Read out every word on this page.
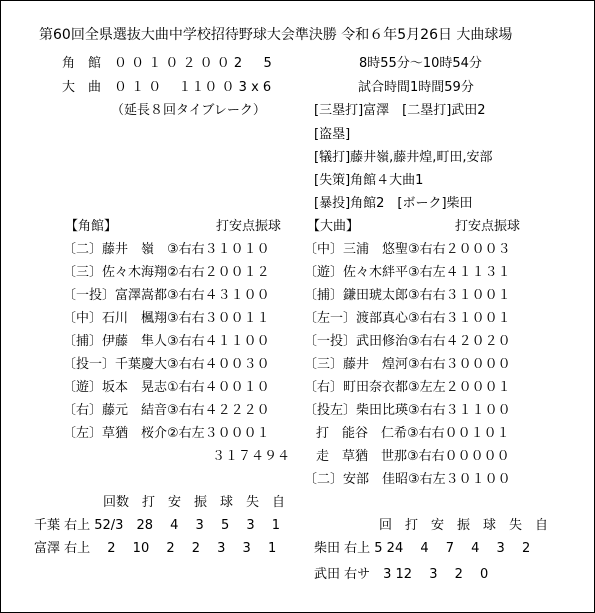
第60回全県選抜大曲中学校招待野球大会準決勝 令和６年5月26日 大曲球場
角　館　０ ０ １ ０ ２ ０ ０ 2 　 5
大　曲　０ １ ０ 　１１０ ０ 3 x 6
（延長８回タイブレーク）
8時55分〜10時54分
試合時間1時間59分
[三塁打]富澤　[二塁打]武田2
[盗塁]
[犠打]藤井嶺,藤井煌,町田,安部
[失策]角館４大曲1
[暴投]角館2　[ボーク]柴田
【角館】	打安点振球
〔二〕藤井　嶺　③右右３１０１０
〔三〕佐々木海翔②右右２００１２
〔一投〕富澤嵩都③右右４３１００
〔中〕石川　楓翔③右右３００１１
〔捕〕伊藤　隼人③右右４１１００
〔投一〕千葉慶大③右右４００３０
〔遊〕坂本　晃志①右右４００１０
〔右〕藤元　結音③右右４２２２０
〔左〕草猶　桜介②右左３０００１
３１７４９４
【大曲】	打安点振球
〔中〕三浦　悠聖③右右２０００３
〔遊〕佐々木絆平③右左４１１３１
〔捕〕鎌田琥太郎③右右３１００１
〔左一〕渡部真心③右右３１００１
〔一投〕武田修治③右右４２０２０
〔三〕藤井　煌河③右右３００００
〔右〕町田奈衣都③左左２０００１
〔投左〕柴田比瑛③右右３１１００
打　能谷　仁希③右右００１０１
走　草猶　世那③右右０００００
〔二〕安部　佳昭③右左３０１００
回数　打　安　振　球　失　自
千葉 右上 52/3　28　 4　 3　 5　 3　 1
富澤 右上　 2　 10　 2　 2　 3　 3　 1
回　打　安　振　球　失　自
柴田 右上 5 24　 4　 7　 4　 3　 2
武田 右サ　3 12　 3　 2　 0
